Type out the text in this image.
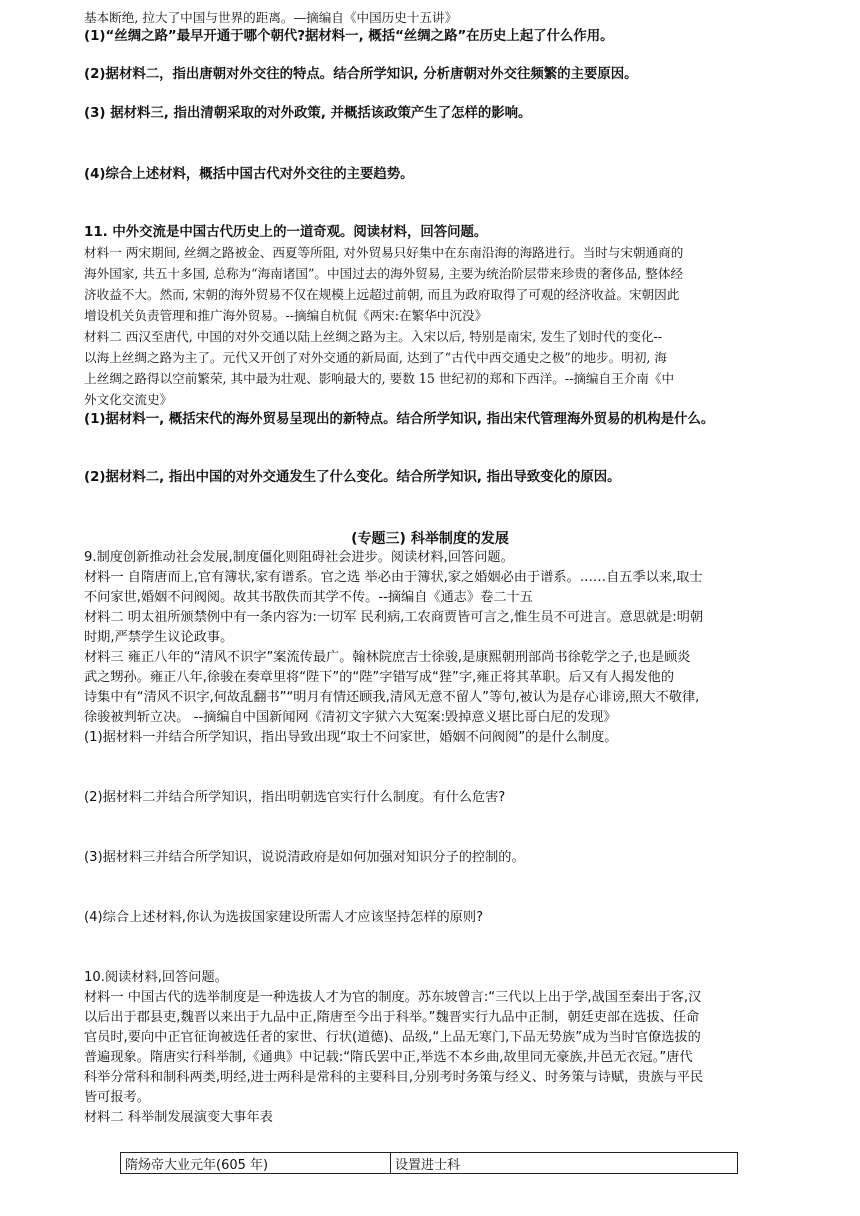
基本断绝, 拉大了中国与世界的距离。—摘编自《中国历史十五讲》
(1)“丝绸之路”最早开通于哪个朝代?据材料一, 概括“丝绸之路”在历史上起了什么作用。
(2)据材料二，指出唐朝对外交往的特点。结合所学知识, 分析唐朝对外交往频繁的主要原因。
(3) 据材料三, 指出清朝采取的对外政策, 并概括该政策产生了怎样的影响。
(4)综合上述材料，概括中国古代对外交往的主要趋势。
11. 中外交流是中国古代历史上的一道奇观。阅读材料，回答问题。
材料一 两宋期间, 丝绸之路被金、西夏等所阻, 对外贸易只好集中在东南沿海的海路进行。当时与宋朝通商的
海外国家, 共五十多国, 总称为“海南诸国”。中国过去的海外贸易, 主要为统治阶层带来珍贵的奢侈品, 整体经
济收益不大。然而, 宋朝的海外贸易不仅在规模上远超过前朝, 而且为政府取得了可观的经济收益。宋朝因此
增设机关负责管理和推广海外贸易。--摘编自杭侃《两宋:在繁华中沉没》
材料二 西汉至唐代, 中国的对外交通以陆上丝绸之路为主。入宋以后, 特别是南宋, 发生了划时代的变化--
以海上丝绸之路为主了。元代又开创了对外交通的新局面, 达到了“古代中西交通史之极”的地步。明初, 海
上丝绸之路得以空前繁荣, 其中最为壮观、影响最大的, 要数 15 世纪初的郑和下西洋。--摘编自王介南《中
外文化交流史》
(1)据材料一, 概括宋代的海外贸易呈现出的新特点。结合所学知识, 指出宋代管理海外贸易的机构是什么。
(2)据材料二, 指出中国的对外交通发生了什么变化。结合所学知识, 指出导致变化的原因。
(专题三) 科举制度的发展
9.制度创新推动社会发展,制度僵化则阻碍社会进步。阅读材料,回答问题。
材料一 自隋唐而上,官有簿状,家有谱系。官之选 举必由于簿状,家之婚姻必由于谱系。……自五季以来,取士
不问家世,婚姻不问阀阅。故其书散佚而其学不传。--摘编自《通志》卷二十五
材料二 明太祖所颁禁例中有一条内容为:一切军 民利病,工农商贾皆可言之,惟生员不可进言。意思就是:明朝
时期,严禁学生议论政事。
材料三 雍正八年的“清风不识字”案流传最广。翰林院庶吉士徐骏,是康熙朝刑部尚书徐乾学之子,也是顾炎
武之甥孙。雍正八年,徐骏在奏章里将“陛下”的“陛”字错写成“狴”字,雍正将其革职。后又有人揭发他的
诗集中有“清风不识字,何故乱翻书”“明月有情还顾我,清风无意不留人”等句,被认为是存心诽谤,照大不敬律,
徐骏被判斩立决。 --摘编自中国新闻网《清初文字狱六大冤案:毁掉意义堪比哥白尼的发现》
(1)据材料一并结合所学知识，指出导致出现“取士不问家世，婚姻不问阀阅”的是什么制度。
(2)据材料二并结合所学知识，指出明朝选官实行什么制度。有什么危害?
(3)据材料三并结合所学知识，说说清政府是如何加强对知识分子的控制的。
(4)综合上述材料,你认为选拔国家建设所需人才应该坚持怎样的原则?
10.阅读材料,回答问题。
材料一 中国古代的选举制度是一种选拔人才为官的制度。苏东坡曾言:“三代以上出于学,战国至秦出于客,汉
以后出于郡县吏,魏晋以来出于九品中正,隋唐至今出于科举。”魏晋实行九品中正制，朝廷吏部在选拔、任命
官员时,要向中正官征询被选任者的家世、行状(道德)、品级,“上品无寒门,下品无势族”成为当时官僚选拔的
普遍现象。隋唐实行科举制,《通典》中记载:“隋氏罢中正,举选不本乡曲,故里同无豪族,井邑无衣冠。”唐代
科举分常科和制科两类,明经,进士两科是常科的主要科目,分别考时务策与经义、时务策与诗赋，贵族与平民
皆可报考。
材料二 科举制发展演变大事年表
隋炀帝大业元年(605 年)	设置进士科
